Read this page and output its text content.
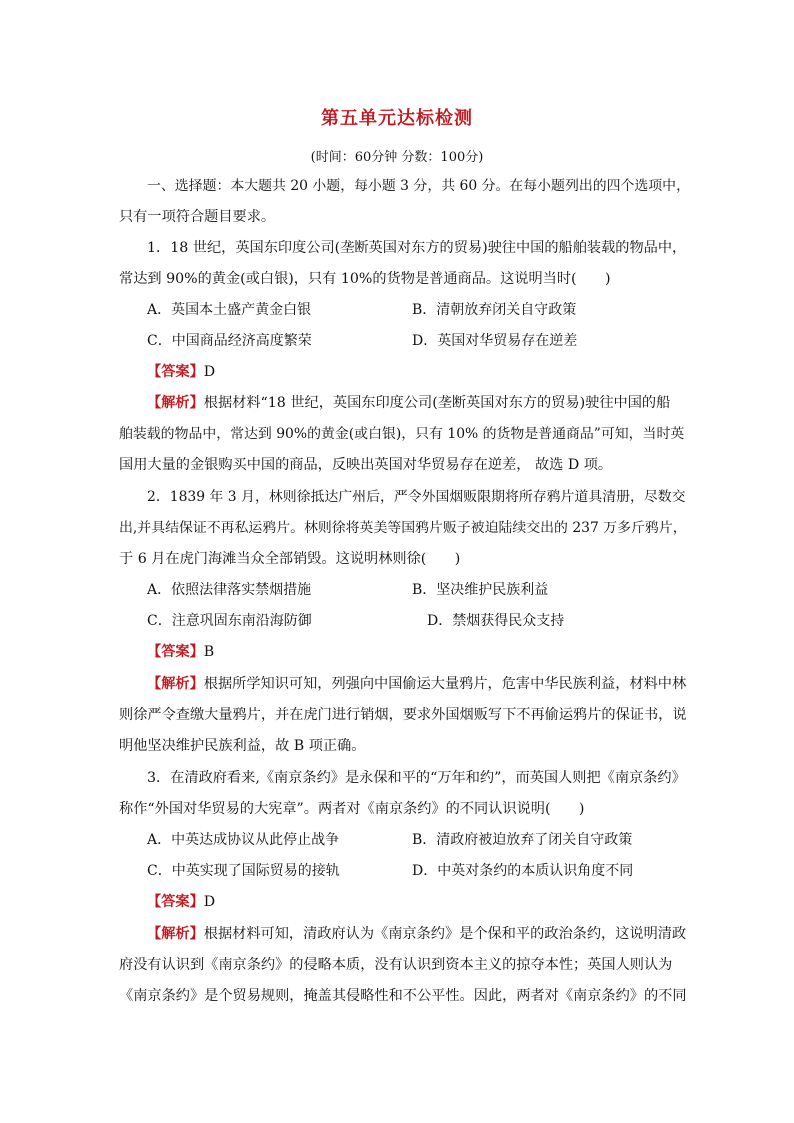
第五单元达标检测
(时间：60分钟 分数：100分)
一、选择题：本大题共 20 小题，每小题 3 分，共 60 分。在每小题列出的四个选项中，
只有一项符合题目要求。
1．18 世纪，英国东印度公司(垄断英国对东方的贸易)驶往中国的船舶装载的物品中，
常达到 90%的黄金(或白银)，只有 10%的货物是普通商品。这说明当时(　　)
A．英国本土盛产黄金白银	B．清朝放弃闭关自守政策
C．中国商品经济高度繁荣	D．英国对华贸易存在逆差
【答案】D
【解析】根据材料“18 世纪，英国东印度公司(垄断英国对东方的贸易)驶往中国的船
舶装载的物品中，常达到 90%的黄金(或白银)，只有 10% 的货物是普通商品”可知，当时英
国用大量的金银购买中国的商品，反映出英国对华贸易存在逆差， 故选 D 项。
2．1839 年 3 月，林则徐抵达广州后，严令外国烟贩限期将所存鸦片道具清册，尽数交
出,并具结保证不再私运鸦片。林则徐将英美等国鸦片贩子被迫陆续交出的 237 万多斤鸦片，
于 6 月在虎门海滩当众全部销毁。这说明林则徐(　　)
A．依照法律落实禁烟措施	B．坚决维护民族利益
C．注意巩固东南沿海防御	D．禁烟获得民众支持
【答案】B
【解析】根据所学知识可知，列强向中国偷运大量鸦片，危害中华民族利益，材料中林
则徐严令查缴大量鸦片，并在虎门进行销烟，要求外国烟贩写下不再偷运鸦片的保证书，说
明他坚决维护民族利益，故 B 项正确。
3．在清政府看来,《南京条约》是永保和平的“万年和约”，而英国人则把《南京条约》
称作“外国对华贸易的大宪章”。两者对《南京条约》的不同认识说明(　　)
A．中英达成协议从此停止战争	B．清政府被迫放弃了闭关自守政策
C．中英实现了国际贸易的接轨	D．中英对条约的本质认识角度不同
【答案】D
【解析】根据材料可知，清政府认为《南京条约》是个保和平的政治条约，这说明清政
府没有认识到《南京条约》的侵略本质，没有认识到资本主义的掠夺本性；英国人则认为
《南京条约》是个贸易规则，掩盖其侵略性和不公平性。因此，两者对《南京条约》的不同
